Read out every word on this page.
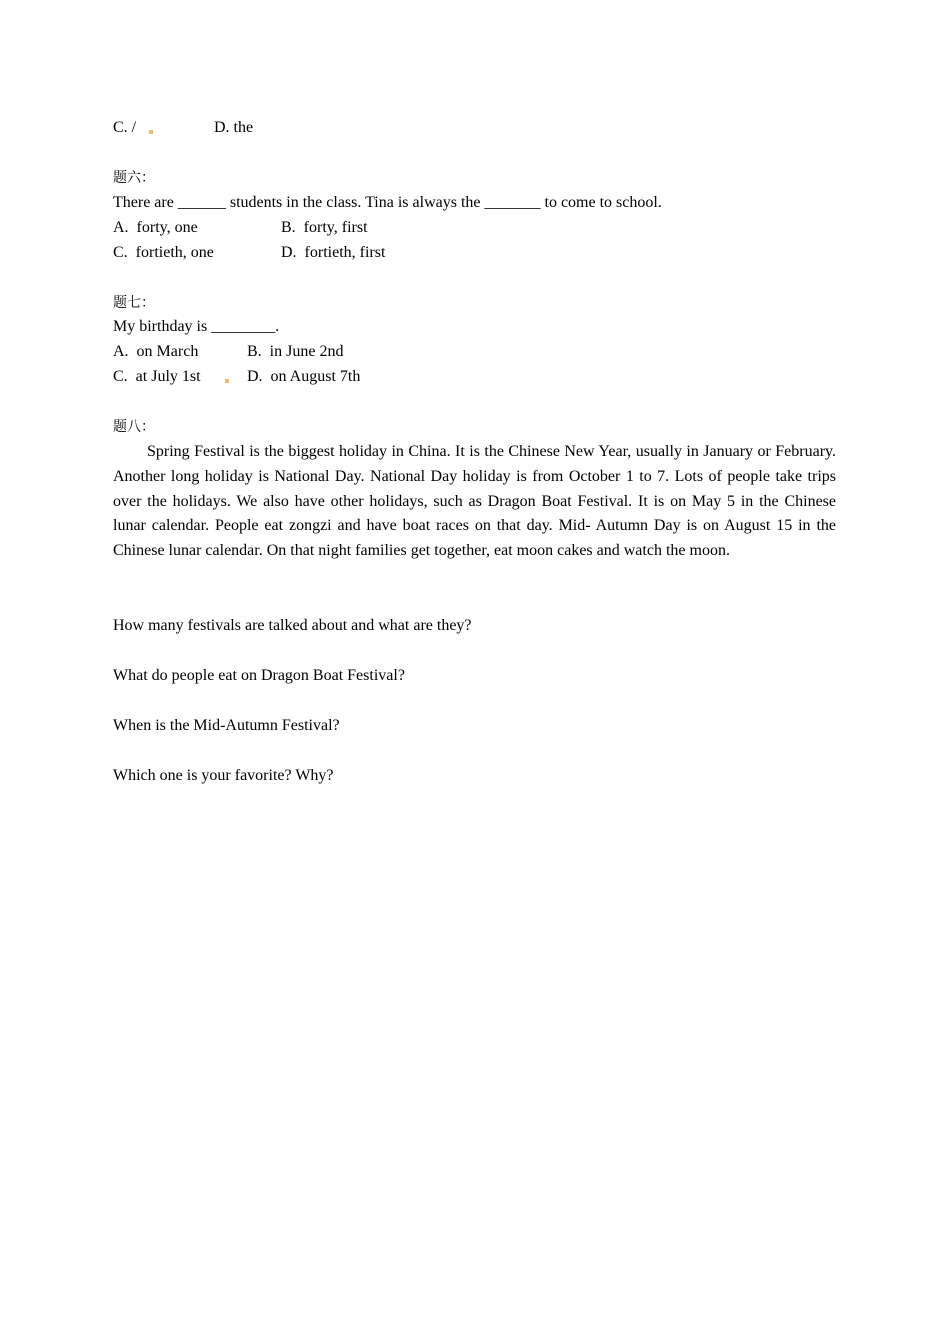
C. /	D. the
题六：
There are ______ students in the class. Tina is always the _______ to come to school.
A.  forty, one	B.  forty, first
C.  fortieth, one	D.  fortieth, first
题七：
My birthday is ________.
A.  on March	B.  in June 2nd
C.  at July 1st	D.  on August 7th
题八：
Spring Festival is the biggest holiday in China. It is the Chinese New Year, usually in January or February. Another long holiday is National Day. National Day holiday is from October 1 to 7. Lots of people take trips over the holidays. We also have other holidays, such as Dragon Boat Festival. It is on May 5 in the Chinese lunar calendar. People eat zongzi and have boat races on that day. Mid- Autumn Day is on August 15 in the Chinese lunar calendar. On that night families get together, eat moon cakes and watch the moon.
How many festivals are talked about and what are they?
What do people eat on Dragon Boat Festival?
When is the Mid-Autumn Festival?
Which one is your favorite? Why?
